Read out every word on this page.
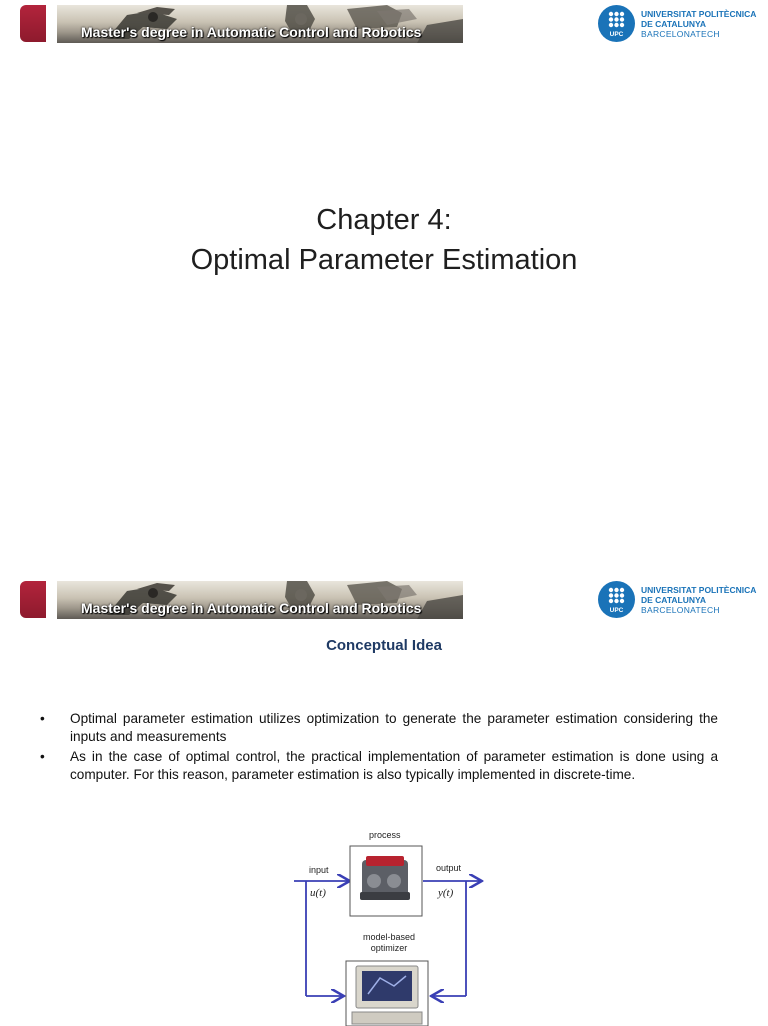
Master's degree in Automatic Control and Robotics	UPC
UNIVERSITAT POLITÈCNICA
DE CATALUNYA
BARCELONATECH
Chapter 4:
Optimal Parameter Estimation
Master's degree in Automatic Control and Robotics	UPC
UNIVERSITAT POLITÈCNICA
DE CATALUNYA
BARCELONATECH
Conceptual Idea
• Optimal parameter estimation utilizes optimization to generate the parameter estimation considering the inputs and measurements
• As in the case of optimal control, the practical implementation of parameter estimation is done using a computer. For this reason, parameter estimation is also typically implemented in discrete-time.
process
input
u(t)
output
y(t)
model-based
optimizer
